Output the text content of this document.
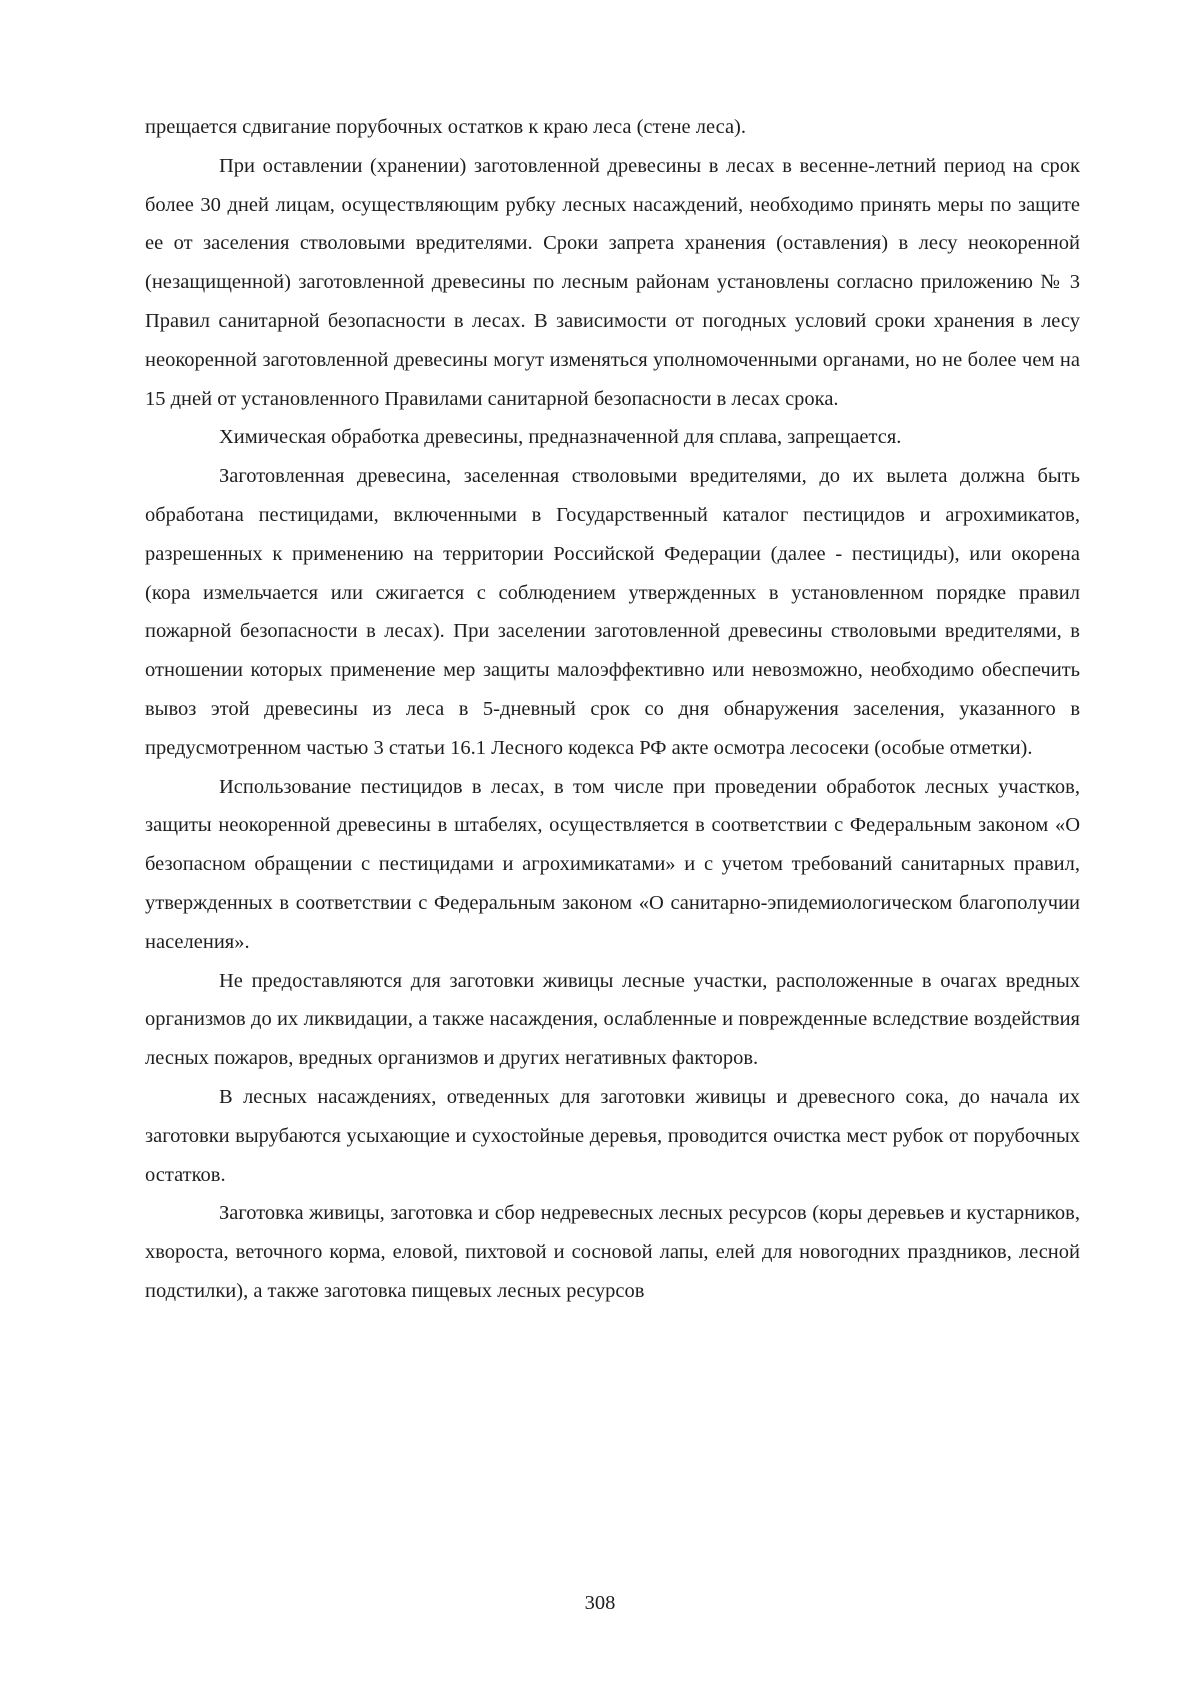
прещается сдвигание порубочных остатков к краю леса (стене леса).

При оставлении (хранении) заготовленной древесины в лесах в весенне-летний период на срок более 30 дней лицам, осуществляющим рубку лесных насаждений, необходимо принять меры по защите ее от заселения стволовыми вредителями. Сроки запрета хранения (оставления) в лесу неокоренной (незащищенной) заготовленной древесины по лесным районам установлены согласно приложению № 3 Правил санитарной безопасности в лесах. В зависимости от погодных условий сроки хранения в лесу неокоренной заготовленной древесины могут изменяться уполномоченными органами, но не более чем на 15 дней от установленного Правилами санитарной безопасности в лесах срока.

Химическая обработка древесины, предназначенной для сплава, запрещается.

Заготовленная древесина, заселенная стволовыми вредителями, до их вылета должна быть обработана пестицидами, включенными в Государственный каталог пестицидов и агрохимикатов, разрешенных к применению на территории Российской Федерации (далее - пестициды), или окорена (кора измельчается или сжигается с соблюдением утвержденных в установленном порядке правил пожарной безопасности в лесах). При заселении заготовленной древесины стволовыми вредителями, в отношении которых применение мер защиты малоэффективно или невозможно, необходимо обеспечить вывоз этой древесины из леса в 5-дневный срок со дня обнаружения заселения, указанного в предусмотренном частью 3 статьи 16.1 Лесного кодекса РФ акте осмотра лесосеки (особые отметки).

Использование пестицидов в лесах, в том числе при проведении обработок лесных участков, защиты неокоренной древесины в штабелях, осуществляется в соответствии с Федеральным законом «О безопасном обращении с пестицидами и агрохимикатами» и с учетом требований санитарных правил, утвержденных в соответствии с Федеральным законом «О санитарно-эпидемиологическом благополучии населения».

Не предоставляются для заготовки живицы лесные участки, расположенные в очагах вредных организмов до их ликвидации, а также насаждения, ослабленные и поврежденные вследствие воздействия лесных пожаров, вредных организмов и других негативных факторов.

В лесных насаждениях, отведенных для заготовки живицы и древесного сока, до начала их заготовки вырубаются усыхающие и сухостойные деревья, проводится очистка мест рубок от порубочных остатков.

Заготовка живицы, заготовка и сбор недревесных лесных ресурсов (коры деревьев и кустарников, хвороста, веточного корма, еловой, пихтовой и сосновой лапы, елей для новогодних праздников, лесной подстилки), а также заготовка пищевых лесных ресурсов

308
